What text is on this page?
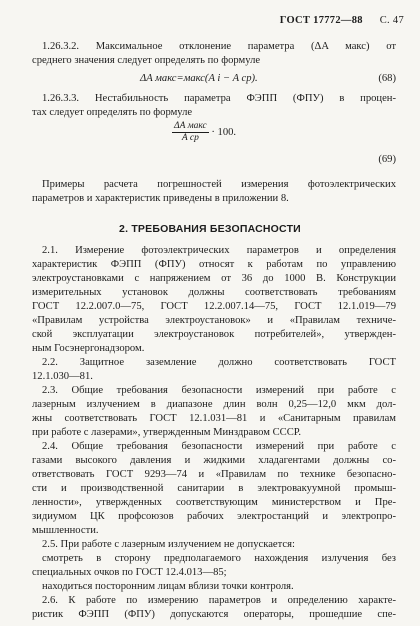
ГОСТ 17772—88 С. 47
1.26.3.2. Максимальное отклонение параметра (ΔA макс) от
среднего значения следует определять по формуле
ΔA макс=макс(A i − A ср).	(68)
1.26.3.3. Нестабильность параметра ФЭПП (ФПУ) в процен-
тах следует определять по формуле
$\frac{\text{ΔA макс}}{\text{A ср}} \cdot 100$.
(69)
Примеры расчета погрешностей измерения фотоэлектрических
параметров и характеристик приведены в приложении 8.
2. ТРЕБОВАНИЯ БЕЗОПАСНОСТИ
2.1. Измерение фотоэлектрических параметров и определения
характеристик ФЭПП (ФПУ) относят к работам по управлению
электроустановками с напряжением от 36 до 1000 В. Конструкции
измерительных установок должны соответствовать требованиям
ГОСТ 12.2.007.0—75, ГОСТ 12.2.007.14—75, ГОСТ 12.1.019—79
«Правилам устройства электроустановок» и «Правилам техниче-
ской эксплуатации электроустановок потребителей», утвержден-
ным Госэнергонадзором.
2.2. Защитное заземление должно соответствовать ГОСТ
12.1.030—81.
2.3. Общие требования безопасности измерений при работе с
лазерным излучением в диапазоне длин волн 0,25—12,0 мкм дол-
жны соответствовать ГОСТ 12.1.031—81 и «Санитарным правилам
при работе с лазерами», утвержденным Минздравом СССР.
2.4. Общие требования безопасности измерений при работе с
газами высокого давления и жидкими хладагентами должны со-
ответствовать ГОСТ 9293—74 и «Правилам по технике безопасно-
сти и производственной санитарии в электровакуумной промыш-
ленности», утвержденных соответствующим министерством и Пре-
зидиумом ЦК профсоюзов рабочих электростанций и электропро-
мышленности.
2.5. При работе с лазерным излучением не допускается:
смотреть в сторону предполагаемого нахождения излучения без
специальных очков по ГОСТ 12.4.013—85;
находиться посторонним лицам вблизи точки контроля.
2.6. К работе по измерению параметров и определению характе-
ристик ФЭПП (ФПУ) допускаются операторы, прошедшие спе-
